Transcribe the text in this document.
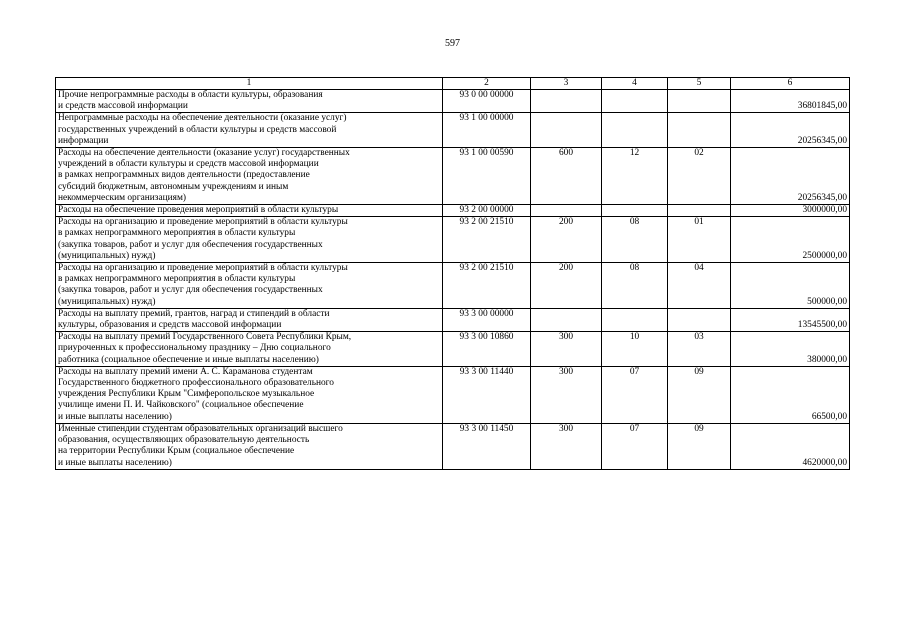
597
1	2	3	4	5	6
Прочие непрограммные расходы в области культуры, образования
и средств массовой информации	93 0 00 00000				36801845,00
Непрограммные расходы на обеспечение деятельности (оказание услуг)
государственных учреждений в области культуры и средств массовой
информации	93 1 00 00000				20256345,00
Расходы на обеспечение деятельности (оказание услуг) государственных
учреждений в области культуры и средств массовой информации
в рамках непрограммных видов деятельности (предоставление
субсидий бюджетным, автономным учреждениям и иным
некоммерческим организациям)	93 1 00 00590	600	12	02	20256345,00
Расходы на обеспечение проведения мероприятий в области культуры	93 2 00 00000				3000000,00
Расходы на организацию и проведение мероприятий в области культуры
в рамках непрограммного мероприятия в области культуры
(закупка товаров, работ и услуг для обеспечения государственных
(муниципальных) нужд)	93 2 00 21510	200	08	01	2500000,00
Расходы на организацию и проведение мероприятий в области культуры
в рамках непрограммного мероприятия в области культуры
(закупка товаров, работ и услуг для обеспечения государственных
(муниципальных) нужд)	93 2 00 21510	200	08	04	500000,00
Расходы на выплату премий, грантов, наград и стипендий в области
культуры, образования и средств массовой информации	93 3 00 00000				13545500,00
Расходы на выплату премий Государственного Совета Республики Крым,
приуроченных к профессиональному празднику – Дню социального
работника (социальное обеспечение и иные выплаты населению)	93 3 00 10860	300	10	03	380000,00
Расходы на выплату премий имени А. С. Караманова студентам
Государственного бюджетного профессионального образовательного
учреждения Республики Крым "Симферопольское музыкальное
училище имени П. И. Чайковского" (социальное обеспечение
и иные выплаты населению)	93 3 00 11440	300	07	09	66500,00
Именные стипендии студентам образовательных организаций высшего
образования, осуществляющих образовательную деятельность
на территории Республики Крым (социальное обеспечение
и иные выплаты населению)	93 3 00 11450	300	07	09	4620000,00
